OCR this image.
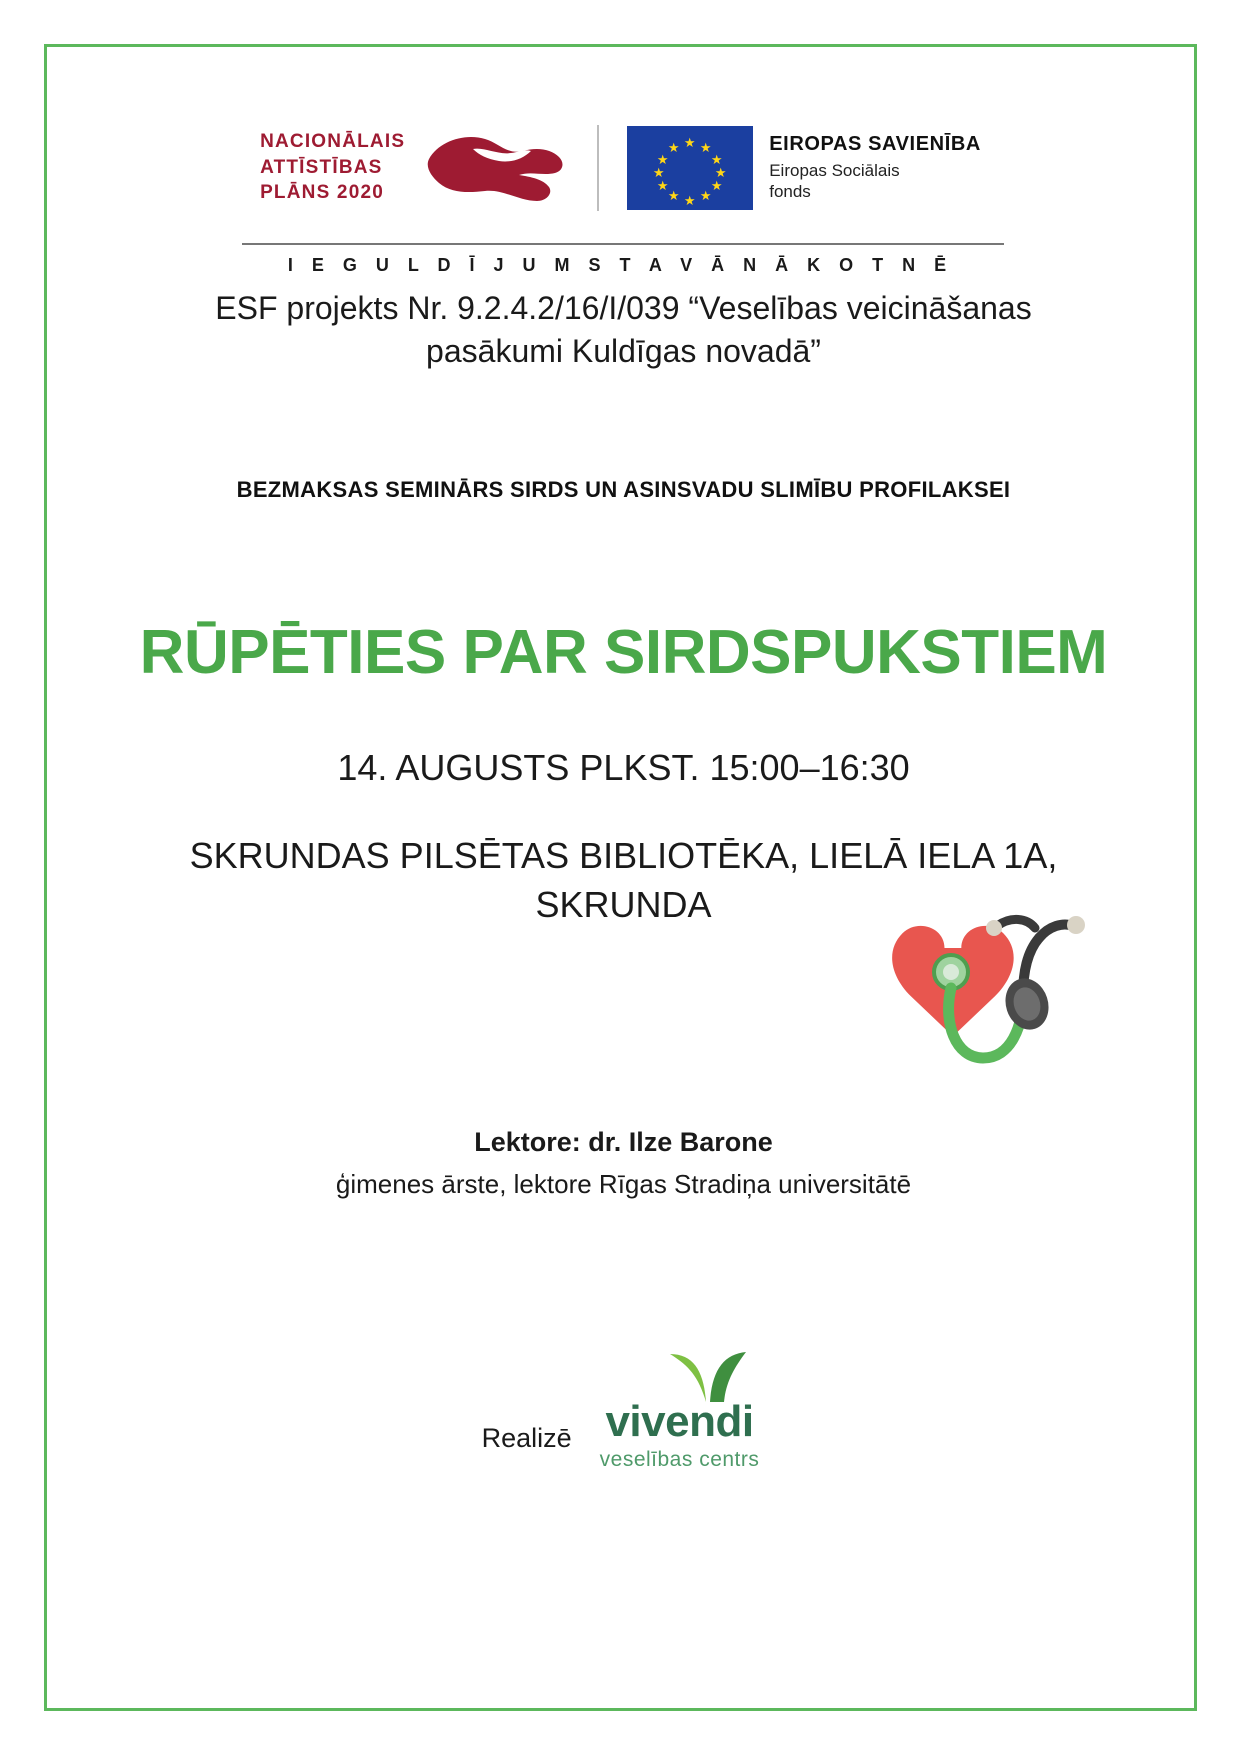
NACIONĀLAIS
ATTĪSTĪBAS
PLĀNS 2020
★
★ ★
★	★
★	★
★	★
★ ★
★
EIROPAS SAVIENĪBA
Eiropas Sociālais
fonds
I E G U L D Ī J U M S T A V Ā N Ā K O T N Ē
ESF projekts Nr. 9.2.4.2/16/I/039 “Veselības veicināšanas pasākumi Kuldīgas novadā”
BEZMAKSAS SEMINĀRS SIRDS UN ASINSVADU SLIMĪBU PROFILAKSEI
RŪPĒTIES PAR SIRDSPUKSTIEM
14. AUGUSTS PLKST. 15:00–16:30
SKRUNDAS PILSĒTAS BIBLIOTĒKA, LIELĀ IELA 1A, SKRUNDA
Lektore: dr. Ilze Barone
ģimenes ārste, lektore Rīgas Stradiņa universitātē
Realizē vivendi
veselības centrs
